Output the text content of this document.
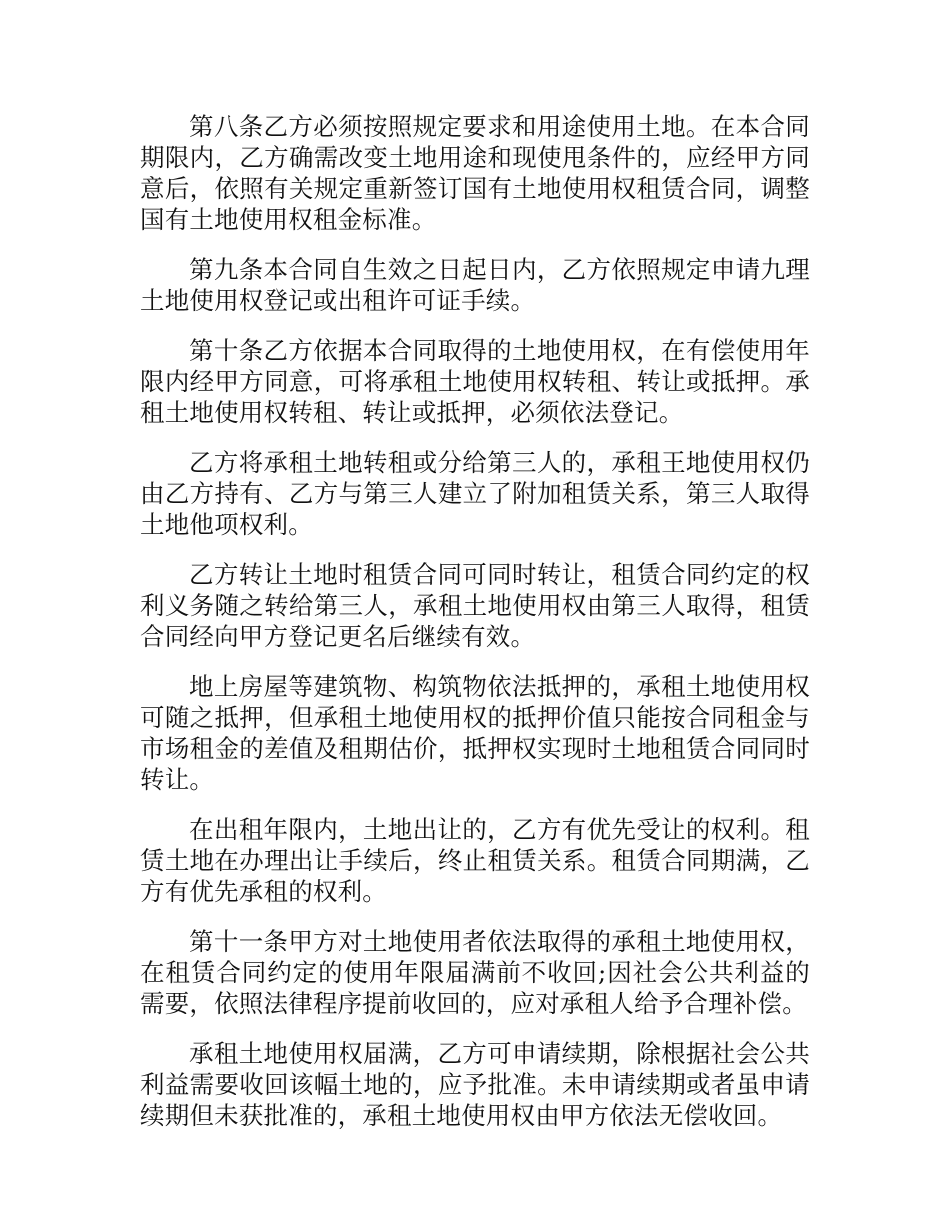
第八条乙方必须按照规定要求和用途使用土地。在本合同期限内，乙方确需改变土地用途和现使甩条件的，应经甲方同意后，依照有关规定重新签订国有土地使用权租赁合同，调整国有土地使用权租金标准。

第九条本合同自生效之日起日内，乙方依照规定申请九理土地使用权登记或出租许可证手续。

第十条乙方依据本合同取得的土地使用权，在有偿使用年限内经甲方同意，可将承租土地使用权转租、转让或抵押。承租土地使用权转租、转让或抵押，必须依法登记。

乙方将承租土地转租或分给第三人的，承租王地使用权仍由乙方持有、乙方与第三人建立了附加租赁关系，第三人取得土地他项权利。

乙方转让土地时租赁合同可同时转让，租赁合同约定的权利义务随之转给第三人，承租土地使用权由第三人取得，租赁合同经向甲方登记更名后继续有效。

地上房屋等建筑物、构筑物依法抵押的，承租土地使用权可随之抵押，但承租土地使用权的抵押价值只能按合同租金与市场租金的差值及租期估价，抵押权实现时土地租赁合同同时转让。

在出租年限内，土地出让的，乙方有优先受让的权利。租赁土地在办理出让手续后，终止租赁关系。租赁合同期满，乙方有优先承租的权利。

第十一条甲方对土地使用者依法取得的承租土地使用权，在租赁合同约定的使用年限届满前不收回;因社会公共利益的需要，依照法律程序提前收回的，应对承租人给予合理补偿。

承租土地使用权届满，乙方可申请续期，除根据社会公共利益需要收回该幅土地的，应予批准。未申请续期或者虽申请续期但未获批准的，承租土地使用权由甲方依法无偿收回。
